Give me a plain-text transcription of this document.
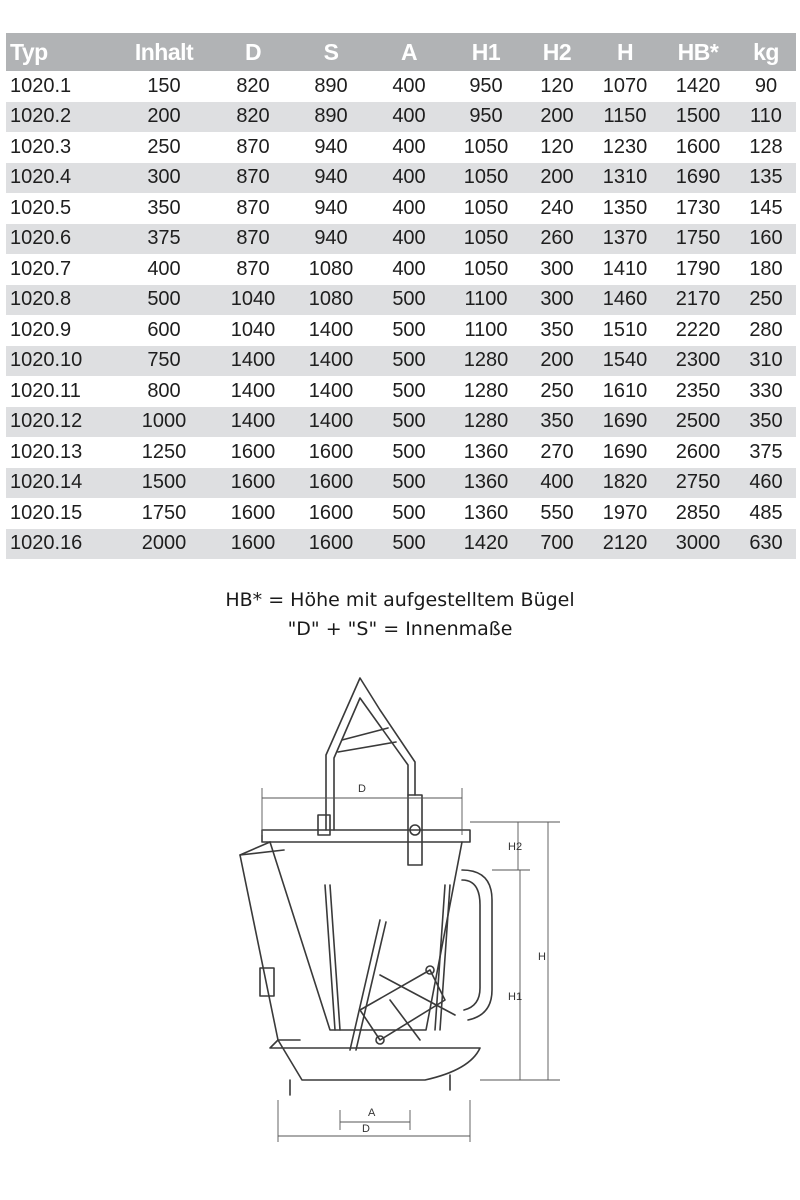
Typ	Inhalt	D	S	A	H1	H2	H	HB*	kg
1020.1	150	820	890	400	950	120	1070	1420	90
1020.2	200	820	890	400	950	200	1150	1500	110
1020.3	250	870	940	400	1050	120	1230	1600	128
1020.4	300	870	940	400	1050	200	1310	1690	135
1020.5	350	870	940	400	1050	240	1350	1730	145
1020.6	375	870	940	400	1050	260	1370	1750	160
1020.7	400	870	1080	400	1050	300	1410	1790	180
1020.8	500	1040	1080	500	1100	300	1460	2170	250
1020.9	600	1040	1400	500	1100	350	1510	2220	280
1020.10	750	1400	1400	500	1280	200	1540	2300	310
1020.11	800	1400	1400	500	1280	250	1610	2350	330
1020.12	1000	1400	1400	500	1280	350	1690	2500	350
1020.13	1250	1600	1600	500	1360	270	1690	2600	375
1020.14	1500	1600	1600	500	1360	400	1820	2750	460
1020.15	1750	1600	1600	500	1360	550	1970	2850	485
1020.16	2000	1600	1600	500	1420	700	2120	3000	630
HB* = Höhe mit aufgestelltem Bügel
"D" + "S" = Innenmaße
D
H2
H
H1
A
D
